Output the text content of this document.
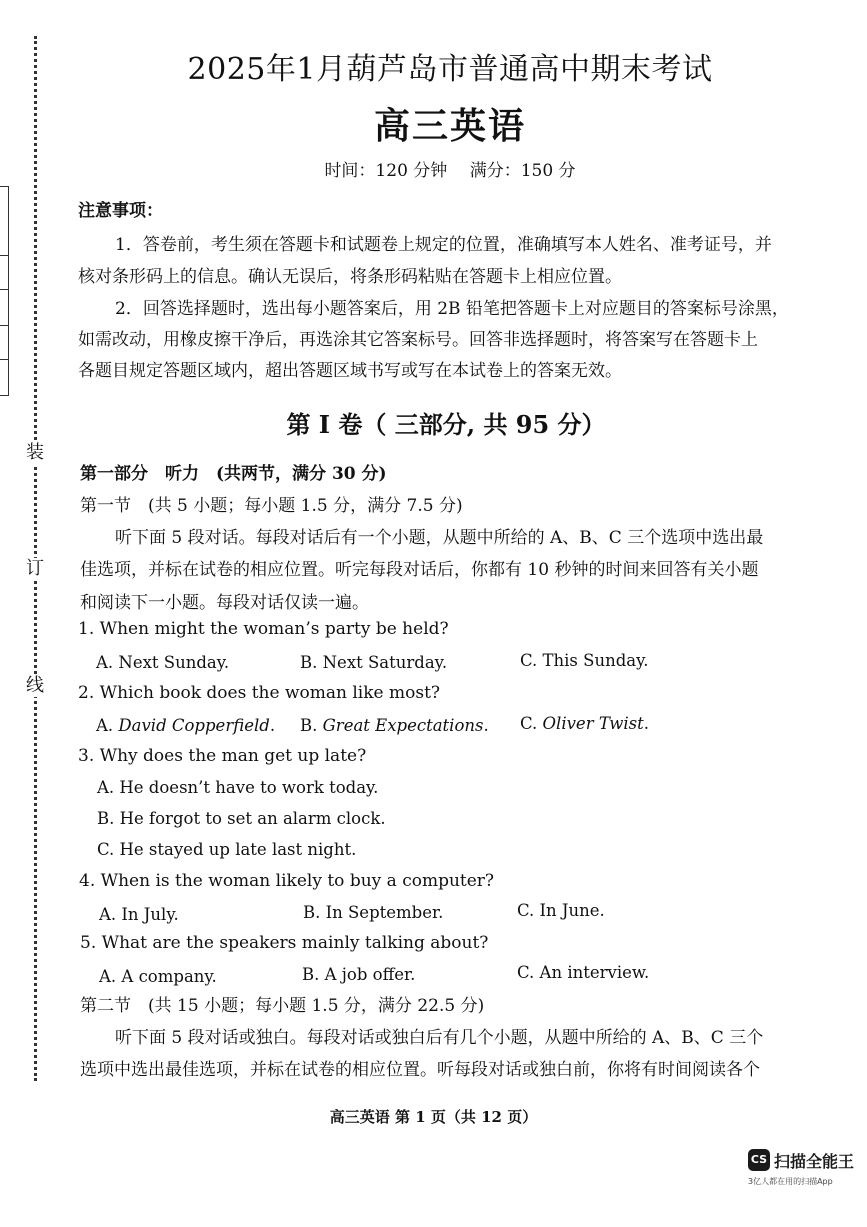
装
订
线
2025年1月葫芦岛市普通高中期末考试
高三英语
时间：120 分钟　 满分：150 分
注意事项：
1．答卷前，考生须在答题卡和试题卷上规定的位置，准确填写本人姓名、准考证号，并
核对条形码上的信息。确认无误后，将条形码粘贴在答题卡上相应位置。
2．回答选择题时，选出每小题答案后，用 2B 铅笔把答题卡上对应题目的答案标号涂黑，
如需改动，用橡皮擦干净后，再选涂其它答案标号。回答非选择题时，将答案写在答题卡上
各题目规定答题区域内，超出答题区域书写或写在本试卷上的答案无效。
第 I 卷（ 三部分, 共 95 分）
第一部分　听力　(共两节，满分 30 分)
第一节　(共 5 小题；每小题 1.5 分，满分 7.5 分)
听下面 5 段对话。每段对话后有一个小题，从题中所给的 A、B、C 三个选项中选出最
佳选项，并标在试卷的相应位置。听完每段对话后，你都有 10 秒钟的时间来回答有关小题
和阅读下一小题。每段对话仅读一遍。
1. When might the woman’s party be held?
A. Next Sunday.	B. Next Saturday.	C. This Sunday.
2. Which book does the woman like most?
A. David Copperfield. B. Great Expectations. C. Oliver Twist.
3. Why does the man get up late?
A. He doesn’t have to work today.
B. He forgot to set an alarm clock.
C. He stayed up late last night.
4. When is the woman likely to buy a computer?
A. In July.	B. In September.	C. In June.
5. What are the speakers mainly talking about?
A. A company.	B. A job offer.	C. An interview.
第二节　(共 15 小题；每小题 1.5 分，满分 22.5 分)
听下面 5 段对话或独白。每段对话或独白后有几个小题，从题中所给的 A、B、C 三个
选项中选出最佳选项，并标在试卷的相应位置。听每段对话或独白前，你将有时间阅读各个
高三英语 第 1 页（共 12 页）
CS 扫描全能王
3亿人都在用的扫描App
